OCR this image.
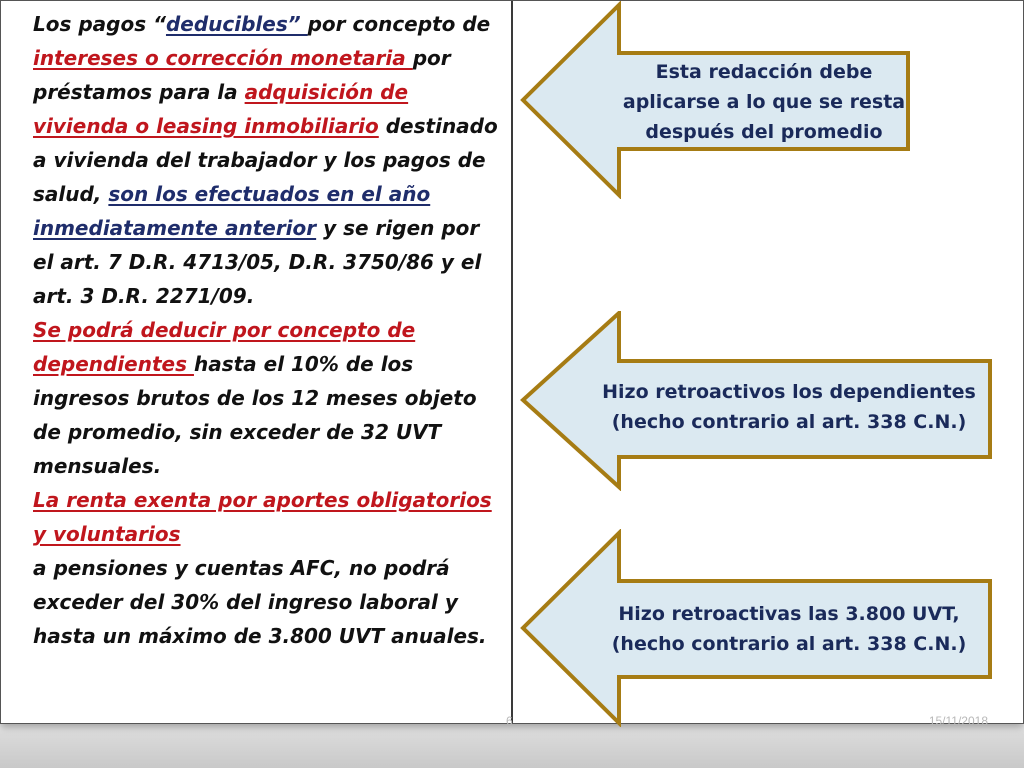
Los pagos “deducibles” por concepto de intereses o corrección monetaria por préstamos para la adquisición de vivienda o leasing inmobiliario destinado a vivienda del trabajador y los pagos de salud, son los efectuados en el año inmediatamente anterior y se rigen por el art. 7 D.R. 4713/05, D.R. 3750/86 y el art. 3 D.R. 2271/09.

Se podrá deducir por concepto de dependientes hasta el 10% de los ingresos brutos de los 12 meses objeto de promedio, sin exceder de 32 UVT mensuales.

La renta exenta por aportes obligatorios y voluntarios
a pensiones y cuentas AFC, no podrá exceder del 30% del ingreso laboral y hasta un máximo de 3.800 UVT anuales.

Esta redacción debe aplicarse a lo que se resta después del promedio
Hizo retroactivos los dependientes (hecho contrario al art. 338 C.N.)
Hizo retroactivas las 3.800 UVT, (hecho contrario al art. 338 C.N.)
6	15/11/2018
